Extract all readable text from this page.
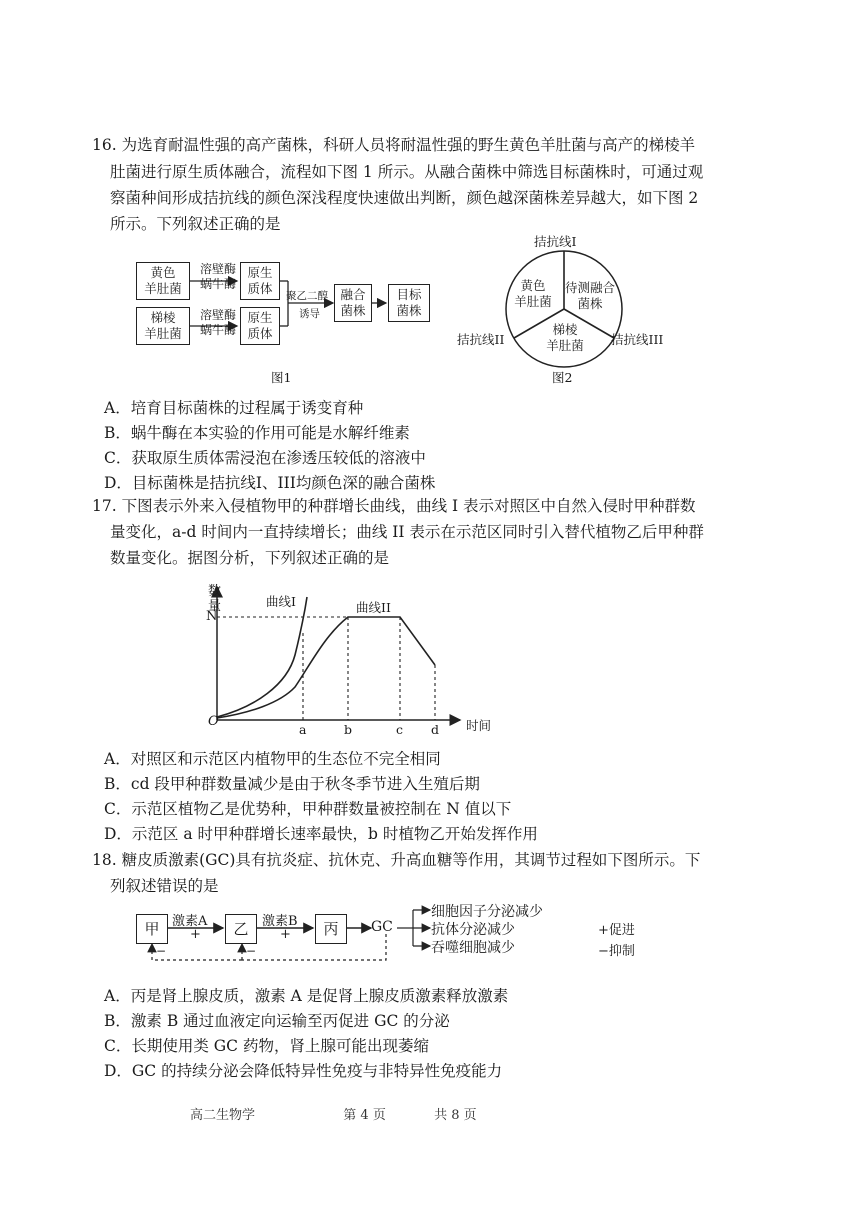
16. 为选育耐温性强的高产菌株，科研人员将耐温性强的野生黄色羊肚菌与高产的梯棱羊
肚菌进行原生质体融合，流程如下图 1 所示。从融合菌株中筛选目标菌株时，可通过观
察菌种间形成拮抗线的颜色深浅程度快速做出判断，颜色越深菌株差异越大，如下图 2
所示。下列叙述正确的是
黄色
羊肚菌
梯棱
羊肚菌
溶壁酶
蜗牛酶
溶壁酶
蜗牛酶
原生
质体
原生
质体
聚乙二醇
诱导
融合
菌株
目标
菌株
图1
拮抗线I
拮抗线II	拮抗线III
黄色
羊肚菌
待测融合
菌株
梯棱
羊肚菌
图2
A．培育目标菌株的过程属于诱变育种
B．蜗牛酶在本实验的作用可能是水解纤维素
C．获取原生质体需浸泡在渗透压较低的溶液中
D．目标菌株是拮抗线I、III均颜色深的融合菌株
17. 下图表示外来入侵植物甲的种群增长曲线，曲线 I 表示对照区中自然入侵时甲种群数
量变化，a-d 时间内一直持续增长；曲线 II 表示在示范区同时引入替代植物乙后甲种群
数量变化。据图分析，下列叙述正确的是
数
量
N
O	时间
曲线I	曲线II
a	b	c d
A．对照区和示范区内植物甲的生态位不完全相同
B．cd 段甲种群数量减少是由于秋冬季节进入生殖后期
C．示范区植物乙是优势种，甲种群数量被控制在 N 值以下
D．示范区 a 时甲种群增长速率最快，b 时植物乙开始发挥作用
18. 糖皮质激素(GC)具有抗炎症、抗休克、升高血糖等作用，其调节过程如下图所示。下
列叙述错误的是
甲	乙	丙
激素A	激素B
+	+
−	−
GC
细胞因子分泌减少
抗体分泌减少
吞噬细胞减少
+促进
−抑制
A．丙是肾上腺皮质，激素 A 是促肾上腺皮质激素释放激素
B．激素 B 通过血液定向运输至丙促进 GC 的分泌
C．长期使用类 GC 药物，肾上腺可能出现萎缩
D．GC 的持续分泌会降低特异性免疫与非特异性免疫能力
高二生物学	第 4 页	共 8 页
